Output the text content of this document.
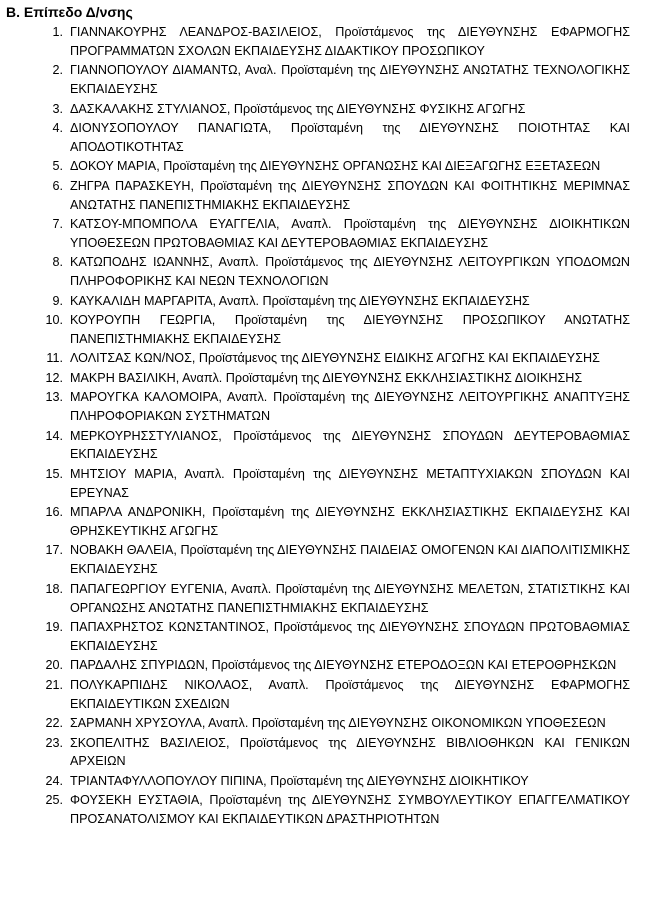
Β. Επίπεδο Δ/νσης
1. ΓΙΑΝΝΑΚΟΥΡΗΣ ΛΕΑΝΔΡΟΣ-ΒΑΣΙΛΕΙΟΣ, Προϊστάμενος της ΔΙΕΥΘΥΝΣΗΣ ΕΦΑΡΜΟΓΗΣ ΠΡΟΓΡΑΜΜΑΤΩΝ ΣΧΟΛΩΝ ΕΚΠΑΙΔΕΥΣΗΣ ΔΙΔΑΚΤΙΚΟΥ ΠΡΟΣΩΠΙΚΟΥ
2. ΓΙΑΝΝΟΠΟΥΛΟΥ ΔΙΑΜΑΝΤΩ, Αναλ. Προϊσταμένη της ΔΙΕΥΘΥΝΣΗΣ ΑΝΩΤΑΤΗΣ ΤΕΧΝΟΛΟΓΙΚΗΣ ΕΚΠΑΙΔΕΥΣΗΣ
3. ΔΑΣΚΑΛΑΚΗΣ ΣΤΥΛΙΑΝΟΣ, Προϊστάμενος της ΔΙΕΥΘΥΝΣΗΣ ΦΥΣΙΚΗΣ ΑΓΩΓΗΣ
4. ΔΙΟΝΥΣΟΠΟΥΛΟΥ ΠΑΝΑΓΙΩΤΑ, Προϊσταμένη της ΔΙΕΥΘΥΝΣΗΣ ΠΟΙΟΤΗΤΑΣ ΚΑΙ ΑΠΟΔΟΤΙΚΟΤΗΤΑΣ
5. ΔΟΚΟΥ ΜΑΡΙΑ, Προϊσταμένη της ΔΙΕΥΘΥΝΣΗΣ ΟΡΓΑΝΩΣΗΣ ΚΑΙ ΔΙΕΞΑΓΩΓΗΣ ΕΞΕΤΑΣΕΩΝ
6. ΖΗΓΡΑ ΠΑΡΑΣΚΕΥΗ, Προϊσταμένη της ΔΙΕΥΘΥΝΣΗΣ ΣΠΟΥΔΩΝ ΚΑΙ ΦΟΙΤΗΤΙΚΗΣ ΜΕΡΙΜΝΑΣ ΑΝΩΤΑΤΗΣ ΠΑΝΕΠΙΣΤΗΜΙΑΚΗΣ ΕΚΠΑΙΔΕΥΣΗΣ
7. ΚΑΤΣΟΥ-ΜΠΟΜΠΟΛΑ ΕΥΑΓΓΕΛΙΑ, Αναπλ. Προϊσταμένη της ΔΙΕΥΘΥΝΣΗΣ ΔΙΟΙΚΗΤΙΚΩΝ ΥΠΟΘΕΣΕΩΝ ΠΡΩΤΟΒΑΘΜΙΑΣ ΚΑΙ ΔΕΥΤΕΡΟΒΑΘΜΙΑΣ ΕΚΠΑΙΔΕΥΣΗΣ
8. ΚΑΤΩΠΟΔΗΣ ΙΩΑΝΝΗΣ, Αναπλ. Προϊστάμενος της ΔΙΕΥΘΥΝΣΗΣ ΛΕΙΤΟΥΡΓΙΚΩΝ ΥΠΟΔΟΜΩΝ ΠΛΗΡΟΦΟΡΙΚΗΣ ΚΑΙ ΝΕΩΝ ΤΕΧΝΟΛΟΓΙΩΝ
9. ΚΑΥΚΑΛΙΔΗ ΜΑΡΓΑΡΙΤΑ, Αναπλ. Προϊσταμένη της ΔΙΕΥΘΥΝΣΗΣ ΕΚΠΑΙΔΕΥΣΗΣ
10. ΚΟΥΡΟΥΠΗ ΓΕΩΡΓΙΑ, Προϊσταμένη της ΔΙΕΥΘΥΝΣΗΣ ΠΡΟΣΩΠΙΚΟΥ ΑΝΩΤΑΤΗΣ ΠΑΝΕΠΙΣΤΗΜΙΑΚΗΣ ΕΚΠΑΙΔΕΥΣΗΣ
11. ΛΟΛΙΤΣΑΣ ΚΩΝ/ΝΟΣ, Προϊστάμενος της ΔΙΕΥΘΥΝΣΗΣ ΕΙΔΙΚΗΣ ΑΓΩΓΗΣ ΚΑΙ ΕΚΠΑΙΔΕΥΣΗΣ
12. ΜΑΚΡΗ ΒΑΣΙΛΙΚΗ, Αναπλ. Προϊσταμένη της ΔΙΕΥΘΥΝΣΗΣ ΕΚΚΛΗΣΙΑΣΤΙΚΗΣ ΔΙΟΙΚΗΣΗΣ
13. ΜΑΡΟΥΓΚΑ ΚΑΛΟΜΟΙΡΑ, Αναπλ. Προϊσταμένη της ΔΙΕΥΘΥΝΣΗΣ ΛΕΙΤΟΥΡΓΙΚΗΣ ΑΝΑΠΤΥΞΗΣ ΠΛΗΡΟΦΟΡΙΑΚΩΝ ΣΥΣΤΗΜΑΤΩΝ
14. ΜΕΡΚΟΥΡΗΣΣΤΥΛΙΑΝΟΣ, Προϊστάμενος της ΔΙΕΥΘΥΝΣΗΣ ΣΠΟΥΔΩΝ ΔΕΥΤΕΡΟΒΑΘΜΙΑΣ ΕΚΠΑΙΔΕΥΣΗΣ
15. ΜΗΤΣΙΟΥ ΜΑΡΙΑ, Αναπλ. Προϊσταμένη της ΔΙΕΥΘΥΝΣΗΣ ΜΕΤΑΠΤΥΧΙΑΚΩΝ ΣΠΟΥΔΩΝ ΚΑΙ ΕΡΕΥΝΑΣ
16. ΜΠΑΡΛΑ ΑΝΔΡΟΝΙΚΗ, Προϊσταμένη της ΔΙΕΥΘΥΝΣΗΣ ΕΚΚΛΗΣΙΑΣΤΙΚΗΣ ΕΚΠΑΙΔΕΥΣΗΣ ΚΑΙ ΘΡΗΣΚΕΥΤΙΚΗΣ ΑΓΩΓΗΣ
17. ΝΟΒΑΚΗ ΘΑΛΕΙΑ, Προϊσταμένη της ΔΙΕΥΘΥΝΣΗΣ ΠΑΙΔΕΙΑΣ ΟΜΟΓΕΝΩΝ ΚΑΙ ΔΙΑΠΟΛΙΤΙΣΜΙΚΗΣ ΕΚΠΑΙΔΕΥΣΗΣ
18. ΠΑΠΑΓΕΩΡΓΙΟΥ ΕΥΓΕΝΙΑ, Αναπλ. Προϊσταμένη της ΔΙΕΥΘΥΝΣΗΣ ΜΕΛΕΤΩΝ, ΣΤΑΤΙΣΤΙΚΗΣ ΚΑΙ ΟΡΓΑΝΩΣΗΣ ΑΝΩΤΑΤΗΣ ΠΑΝΕΠΙΣΤΗΜΙΑΚΗΣ ΕΚΠΑΙΔΕΥΣΗΣ
19. ΠΑΠΑΧΡΗΣΤΟΣ ΚΩΝΣΤΑΝΤΙΝΟΣ, Προϊστάμενος της ΔΙΕΥΘΥΝΣΗΣ ΣΠΟΥΔΩΝ ΠΡΩΤΟΒΑΘΜΙΑΣ ΕΚΠΑΙΔΕΥΣΗΣ
20. ΠΑΡΔΑΛΗΣ ΣΠΥΡΙΔΩΝ, Προϊστάμενος της ΔΙΕΥΘΥΝΣΗΣ ΕΤΕΡΟΔΟΞΩΝ ΚΑΙ ΕΤΕΡΟΘΡΗΣΚΩΝ
21. ΠΟΛΥΚΑΡΠΙΔΗΣ ΝΙΚΟΛΑΟΣ, Αναπλ. Προϊστάμενος της ΔΙΕΥΘΥΝΣΗΣ ΕΦΑΡΜΟΓΗΣ ΕΚΠΑΙΔΕΥΤΙΚΩΝ ΣΧΕΔΙΩΝ
22. ΣΑΡΜΑΝΗ ΧΡΥΣΟΥΛΑ, Αναπλ. Προϊσταμένη της ΔΙΕΥΘΥΝΣΗΣ ΟΙΚΟΝΟΜΙΚΩΝ ΥΠΟΘΕΣΕΩΝ
23. ΣΚΟΠΕΛΙΤΗΣ ΒΑΣΙΛΕΙΟΣ, Προϊστάμενος της ΔΙΕΥΘΥΝΣΗΣ ΒΙΒΛΙΟΘΗΚΩΝ ΚΑΙ ΓΕΝΙΚΩΝ ΑΡΧΕΙΩΝ
24. ΤΡΙΑΝΤΑΦΥΛΛΟΠΟΥΛΟΥ ΠΙΠΙΝΑ, Προϊσταμένη της ΔΙΕΥΘΥΝΣΗΣ ΔΙΟΙΚΗΤΙΚΟΥ
25. ΦΟΥΣΕΚΗ ΕΥΣΤΑΘΙΑ, Προϊσταμένη της ΔΙΕΥΘΥΝΣΗΣ ΣΥΜΒΟΥΛΕΥΤΙΚΟΥ ΕΠΑΓΓΕΛΜΑΤΙΚΟΥ ΠΡΟΣΑΝΑΤΟΛΙΣΜΟΥ ΚΑΙ ΕΚΠΑΙΔΕΥΤΙΚΩΝ ΔΡΑΣΤΗΡΙΟΤΗΤΩΝ
